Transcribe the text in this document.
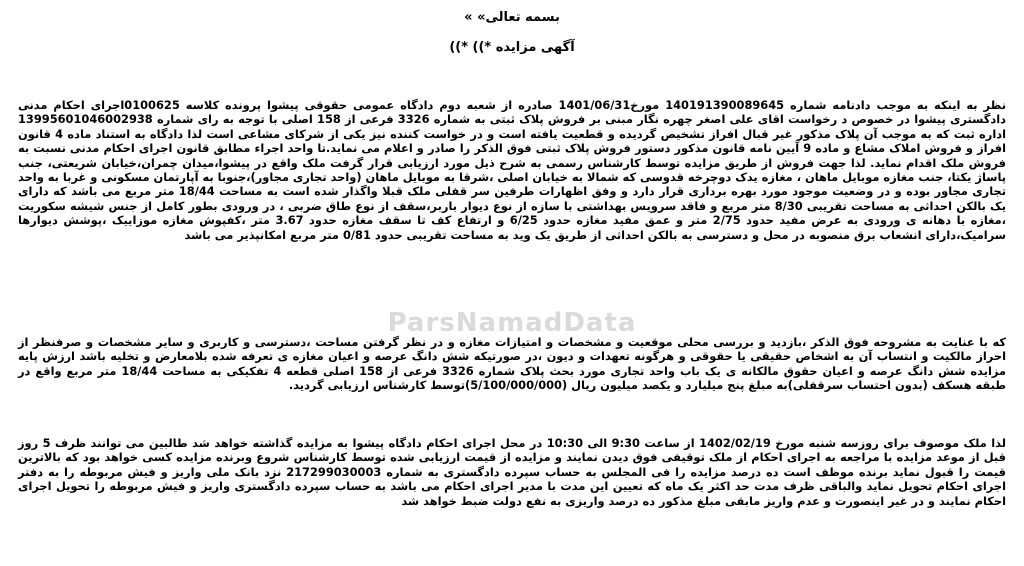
بسمه تعالی» »
آگهی مزایده *)) *))
نظر به اینکه به موجب دادنامه شماره 140191390089645 مورخ1401/06/31 صادره از شعبه دوم دادگاه عمومی حقوقی پیشوا پرونده کلاسه 0100625اجرای احکام مدنی دادگستری پیشوا در خصوص د رخواست اقای علی اصغر چهره نگار مبنی بر فروش پلاک ثبتی به شماره 3326 فرعی از 158 اصلی با توجه به رای شماره 13995601046002938 اداره ثبت که به موجب آن پلاک مذکور غیر قبال افراز تشخیص گردیده و قطعیت یافته است و در خواست کننده نیز یکی از شرکای مشاعی است لذا دادگاه به استناد ماده 4 قانون افراز و فروش املاک مشاع و ماده 9 آیین نامه قانون مذکور دستور فروش پلاک ثبتی فوق الذکر را صادر و اعلام می نماید.تا واحد اجراء مطابق قانون اجرای احکام مدنی نسبت به فروش ملک اقدام نماید. لذا جهت فروش از طریق مزایده توسط کارشناس رسمی به شرح ذیل مورد ارزیابی قرار گرفت ملک واقع در پیشوا،میدان چمران،خیابان شریعتی، جنب پاساژ یکتا، جنب مغازه موبایل ماهان ، مغازه یدک دوچرخه قدوسی که شمالا به خیابان اصلی ،شرقا به موبایل ماهان (واحد تجاری مجاور)،جنوبا به آپارتمان مسکونی و غربا به واحد تجاری مجاور بوده و در وضعیت موجود مورد بهره برداری قرار دارد و وفق اظهارات طرفین سر قفلی ملک قبلا واگذار شده است به مساحت 18/44 متر مربع می باشد که دارای یک بالکن احداثی به مساحت تقریبی 8/30 متر مربع و فاقد سرویس بهداشتی با سازه از نوع دیوار باربر،سقف از نوع طاق ضربی ، در ورودی بطور کامل از جنس شیشه سکوریت ،مغازه با دهانه ی ورودی به عرض مفید حدود 2/75 متر و عمق مفید مغازه حدود 6/25 و ارتفاع کف تا سقف مغازه حدود 3.67 متر ،کفپوش مغازه موزاییک ،پوشش دیوارها سرامیک،دارای انشعاب برق منصوبه در محل و دسترسی به بالکن احداثی از طریق یک وید به مساحت تقریبی حدود 0/81 متر مربع امکانپذیر می باشد
ParsNamadData
که با عنایت به مشروحه فوق الذکر ،بازدید و بررسی محلی موقعیت و مشخصات و امتیازات مغازه و در نظر گرفتن مساحت ،دسترسی و کاربری و سایر مشخصات و صرفنظر از احراز مالکیت و انتساب آن به اشخاص حقیقی یا حقوقی و هرگونه تعهدات و دیون ،در صورتیکه شش دانگ عرصه و اعیان مغازه ی تعرفه شده بلامعارض و تخلیه باشد ارزش پایه مزایده شش دانگ عرصه و اعیان حقوق مالکانه ی یک باب واحد تجاری مورد بحث پلاک شماره 3326 فرعی از 158 اصلی قطعه 4 تفکیکی به مساحت 18/44 متر مربع واقع در طبقه هسکف (بدون احتساب سرقفلی)به مبلغ پنج میلیارد و یکصد میلیون ریال (5/100/000/000)توسط کارشناس ارزیابی گردید.
لذا ملک موصوف برای روزسه شنبه مورخ 1402/02/19 از ساعت 9:30 الی 10:30 در محل اجرای احکام دادگاه پیشوا به مزایده گذاشته خواهد شد طالبین می توانند ظرف 5 روز قبل از موعد مزایده با مراجعه به اجرای احکام از ملک توقیفی فوق دیدن نمایند و مزایده از قیمت ارزیابی شده توسط کارشناس شروع وبرنده مزایده کسی خواهد بود که بالاترین قیمت را قبول نماید برنده موظف است ده درصد مزایده را فی المجلس به حساب سپرده دادگستری به شماره 217299030003 نزد بانک ملی واریز و فیش مربوطه را به دفتر اجرای احکام تحویل نماید والباقی ظرف مدت حد اکثر یک ماه که تعیین این مدت با مدیر اجرای احکام می باشد به حساب سپرده دادگستری واریز و فیش مربوطه را تحویل اجرای احکام نمایند و در غیر اینصورت و عدم واریز مابقی مبلغ مذکور ده درصد واریزی به نفع دولت ضبط خواهد شد
